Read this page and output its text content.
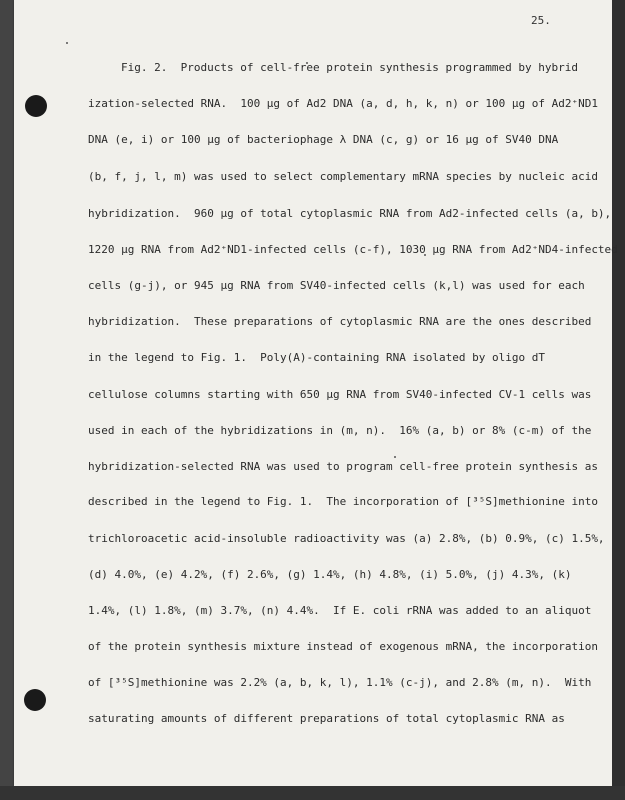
25.
Fig. 2.  Products of cell-free protein synthesis programmed by hybrid
ization-selected RNA.  100 μg of Ad2 DNA (a, d, h, k, n) or 100 μg of Ad2⁺ND1
DNA (e, i) or 100 μg of bacteriophage λ DNA (c, g) or 16 μg of SV40 DNA
(b, f, j, l, m) was used to select complementary mRNA species by nucleic acid
hybridization.  960 μg of total cytoplasmic RNA from Ad2-infected cells (a, b),
1220 μg RNA from Ad2⁺ND1-infected cells (c-f), 1030 μg RNA from Ad2⁺ND4-infected
cells (g-j), or 945 μg RNA from SV40-infected cells (k,l) was used for each
hybridization.  These preparations of cytoplasmic RNA are the ones described
in the legend to Fig. 1.  Poly(A)-containing RNA isolated by oligo dT
cellulose columns starting with 650 μg RNA from SV40-infected CV-1 cells was
used in each of the hybridizations in (m, n).  16% (a, b) or 8% (c-m) of the
hybridization-selected RNA was used to program cell-free protein synthesis as
described in the legend to Fig. 1.  The incorporation of [³⁵S]methionine into
trichloroacetic acid-insoluble radioactivity was (a) 2.8%, (b) 0.9%, (c) 1.5%,
(d) 4.0%, (e) 4.2%, (f) 2.6%, (g) 1.4%, (h) 4.8%, (i) 5.0%, (j) 4.3%, (k)
1.4%, (l) 1.8%, (m) 3.7%, (n) 4.4%.  If E. coli rRNA was added to an aliquot
of the protein synthesis mixture instead of exogenous mRNA, the incorporation
of [³⁵S]methionine was 2.2% (a, b, k, l), 1.1% (c-j), and 2.8% (m, n).  With
saturating amounts of different preparations of total cytoplasmic RNA as
